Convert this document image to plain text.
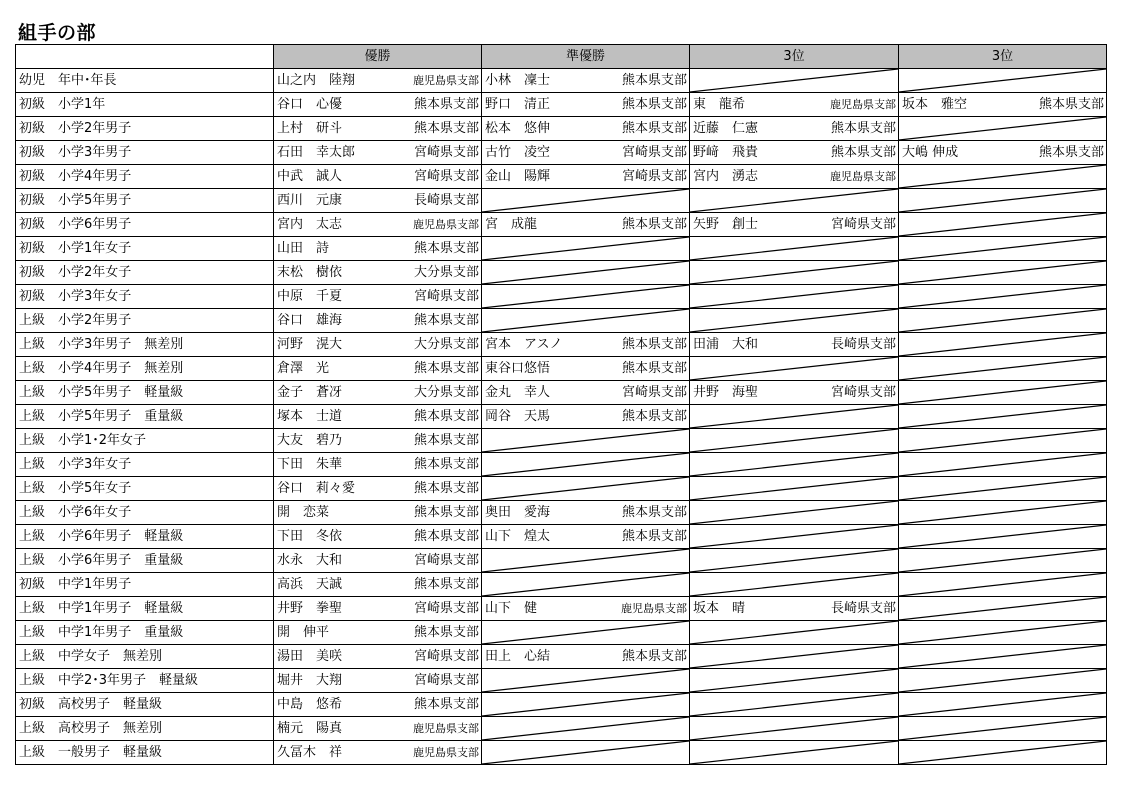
組手の部
	優勝	準優勝	3位	3位
幼児　年中･年長	山之内　陸翔 鹿児島県支部	小林　凜士 熊本県支部

初級　小学1年	谷口　心優 熊本県支部	野口　清正 熊本県支部	東　龍希 鹿児島県支部	坂本　雅空 熊本県支部

初級　小学2年男子	上村　研斗 熊本県支部	松本　悠伸 熊本県支部	近藤　仁憲 熊本県支部

初級　小学3年男子	石田　幸太郎 宮崎県支部	古竹　凌空 宮崎県支部	野﨑　飛貴 熊本県支部	大嶋 伸成 熊本県支部

初級　小学4年男子	中武　誠人 宮崎県支部	金山　陽輝 宮崎県支部	宮内　湧志 鹿児島県支部

初級　小学5年男子	西川　元康 長崎県支部

初級　小学6年男子	宮内　太志 鹿児島県支部	宮　成龍 熊本県支部	矢野　創士 宮崎県支部

初級　小学1年女子	山田　詩 熊本県支部

初級　小学2年女子	末松　樹依 大分県支部

初級　小学3年女子	中原　千夏 宮崎県支部

上級　小学2年男子	谷口　雄海 熊本県支部

上級　小学3年男子　無差別	河野　滉大 大分県支部	宮本　アスノ 熊本県支部	田浦　大和 長崎県支部

上級　小学4年男子　無差別	倉澤　光 熊本県支部	東谷口悠悟 熊本県支部

上級　小学5年男子　軽量級	金子　蒼冴 大分県支部	金丸　幸人 宮崎県支部	井野　海聖 宮崎県支部

上級　小学5年男子　重量級	塚本　士道 熊本県支部	岡谷　天馬 熊本県支部

上級　小学1･2年女子	大友　碧乃 熊本県支部

上級　小学3年女子	下田　朱華 熊本県支部

上級　小学5年女子	谷口　莉々愛 熊本県支部

上級　小学6年女子	開　恋菜 熊本県支部	奥田　愛海 熊本県支部

上級　小学6年男子　軽量級	下田　冬依 熊本県支部	山下　煌太 熊本県支部

上級　小学6年男子　重量級	水永　大和 宮崎県支部

初級　中学1年男子	高浜　天誠 熊本県支部

上級　中学1年男子　軽量級	井野　拳聖 宮崎県支部	山下　健 鹿児島県支部	坂本　晴 長崎県支部

上級　中学1年男子　重量級	開　伸平 熊本県支部

上級　中学女子　無差別	湯田　美咲 宮崎県支部	田上　心結 熊本県支部

上級　中学2･3年男子　軽量級	堀井　大翔 宮崎県支部

初級　高校男子　軽量級	中島　悠希 熊本県支部

上級　高校男子　無差別	楠元　陽真 鹿児島県支部

上級　一般男子　軽量級	久冨木　祥 鹿児島県支部
